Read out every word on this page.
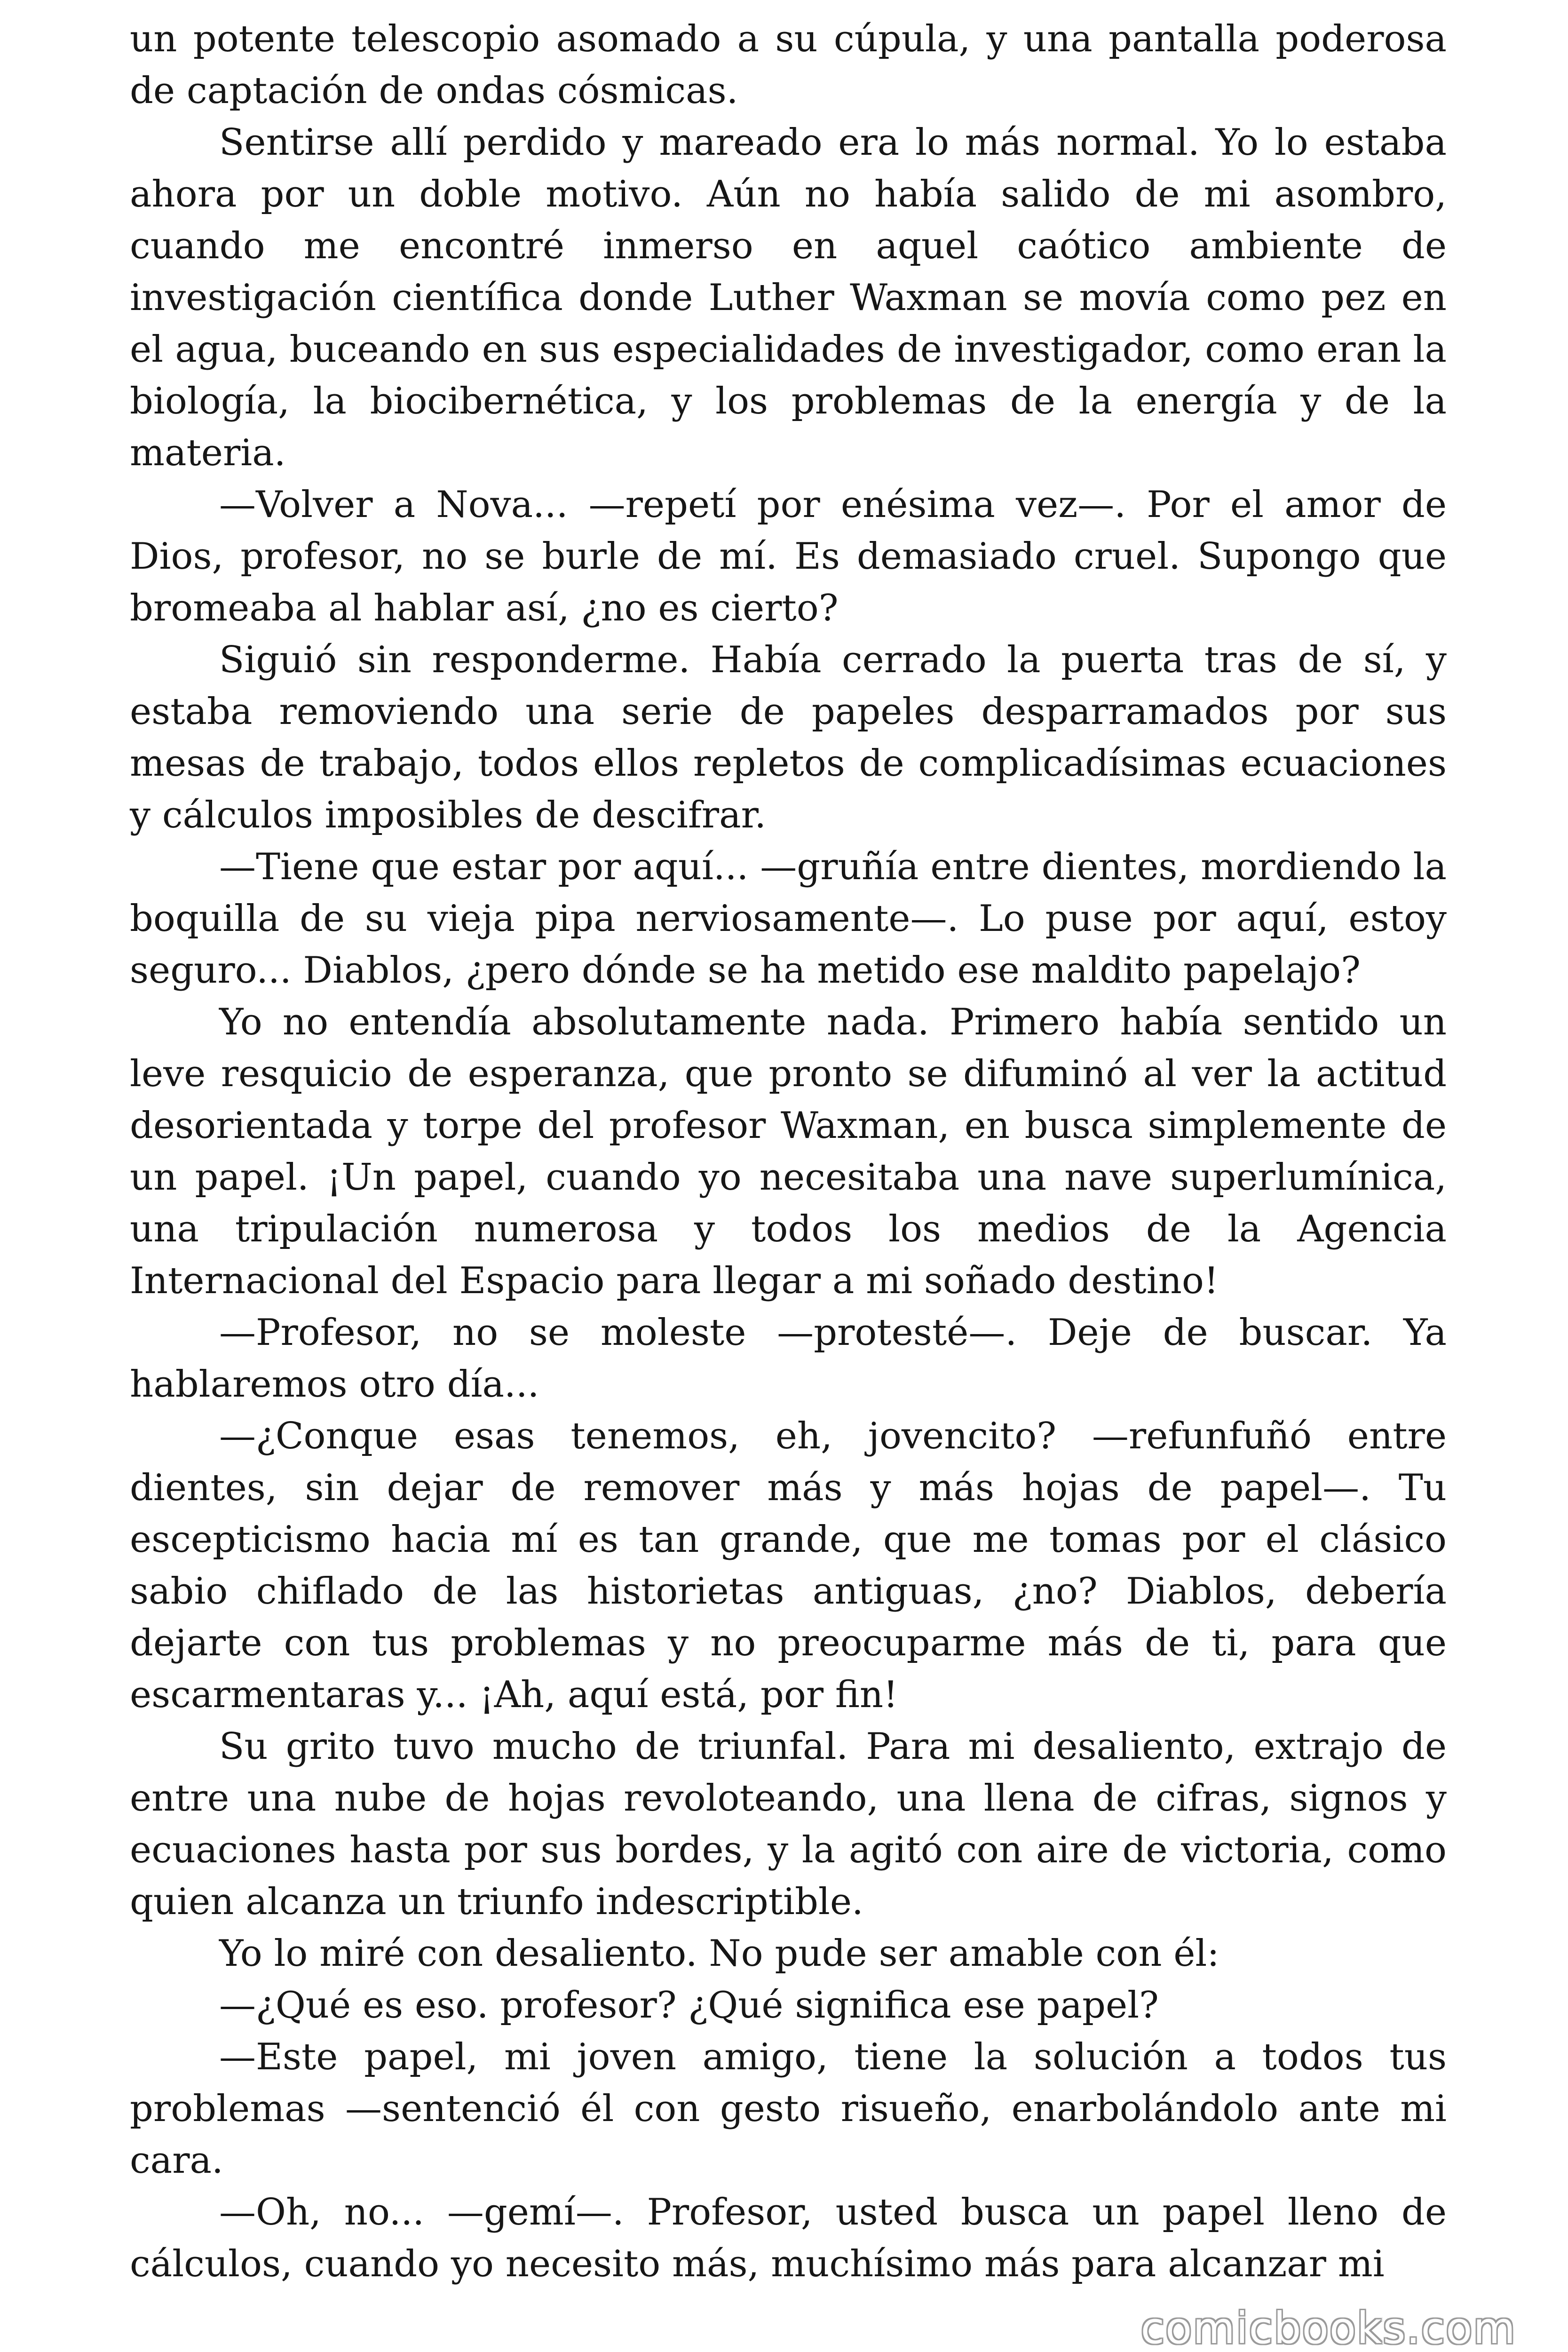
un potente telescopio asomado a su cúpula, y una pantalla poderosa de captación de ondas cósmicas.

Sentirse allí perdido y mareado era lo más normal. Yo lo estaba ahora por un doble motivo. Aún no había salido de mi asombro, cuando me encontré inmerso en aquel caótico ambiente de investigación científica donde Luther Waxman se movía como pez en el agua, buceando en sus especialidades de investigador, como eran la biología, la biocibernética, y los problemas de la energía y de la materia.

—Volver a Nova... —repetí por enésima vez—. Por el amor de Dios, profesor, no se burle de mí. Es demasiado cruel. Supongo que bromeaba al hablar así, ¿no es cierto?

Siguió sin responderme. Había cerrado la puerta tras de sí, y estaba removiendo una serie de papeles desparramados por sus mesas de trabajo, todos ellos repletos de complicadísimas ecuaciones y cálculos imposibles de descifrar.

—Tiene que estar por aquí... —gruñía entre dientes, mordiendo la boquilla de su vieja pipa nerviosamente—. Lo puse por aquí, estoy seguro... Diablos, ¿pero dónde se ha metido ese maldito papelajo?

Yo no entendía absolutamente nada. Primero había sentido un leve resquicio de esperanza, que pronto se difuminó al ver la actitud desorientada y torpe del profesor Waxman, en busca simplemente de un papel. ¡Un papel, cuando yo necesitaba una nave superlumínica, una tripulación numerosa y todos los medios de la Agencia Internacional del Espacio para llegar a mi soñado destino!

—Profesor, no se moleste —protesté—. Deje de buscar. Ya hablaremos otro día...

—¿Conque esas tenemos, eh, jovencito? —refunfuñó entre dientes, sin dejar de remover más y más hojas de papel—. Tu escepticismo hacia mí es tan grande, que me tomas por el clásico sabio chiflado de las historietas antiguas, ¿no? Diablos, debería dejarte con tus problemas y no preocuparme más de ti, para que escarmentaras y... ¡Ah, aquí está, por fin!

Su grito tuvo mucho de triunfal. Para mi desaliento, extrajo de entre una nube de hojas revoloteando, una llena de cifras, signos y ecuaciones hasta por sus bordes, y la agitó con aire de victoria, como quien alcanza un triunfo indescriptible.

Yo lo miré con desaliento. No pude ser amable con él:

—¿Qué es eso. profesor? ¿Qué significa ese papel?

—Este papel, mi joven amigo, tiene la solución a todos tus problemas —sentenció él con gesto risueño, enarbolándolo ante mi cara.

—Oh, no... —gemí—. Profesor, usted busca un papel lleno de cálculos, cuando yo necesito más, muchísimo más para alcanzar mi

comicbooks.com
